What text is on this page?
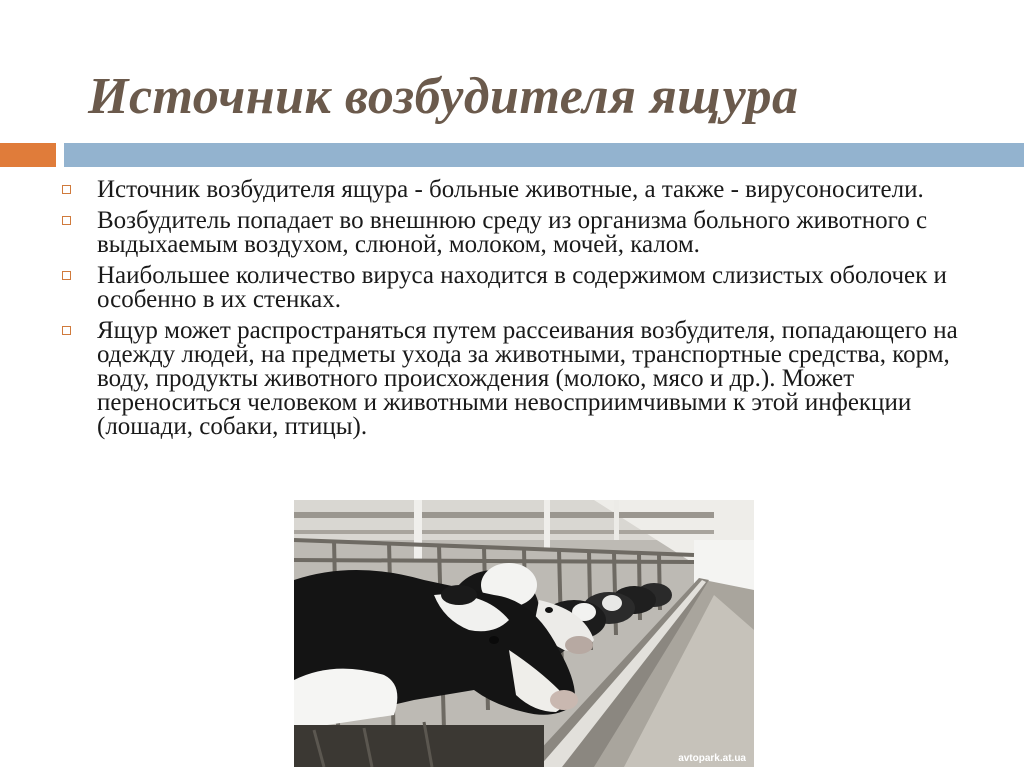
Источник возбудителя ящура
Источник возбудителя ящура - больные животные, а также - вирусоносители.
Возбудитель попадает во внешнюю среду из организма больного животного с выдыхаемым воздухом, слюной, молоком, мочей, калом.
Наибольшее количество вируса находится в содержимом слизистых оболочек и особенно в их стенках.
Ящур может распространяться путем рассеивания возбудителя, попадающего на одежду людей, на предметы ухода за животными, транспортные средства, корм, воду, продукты животного происхождения (молоко, мясо и др.). Может переноситься человеком и животными невосприимчивыми к этой инфекции (лошади, собаки, птицы).
avtopark.at.ua
